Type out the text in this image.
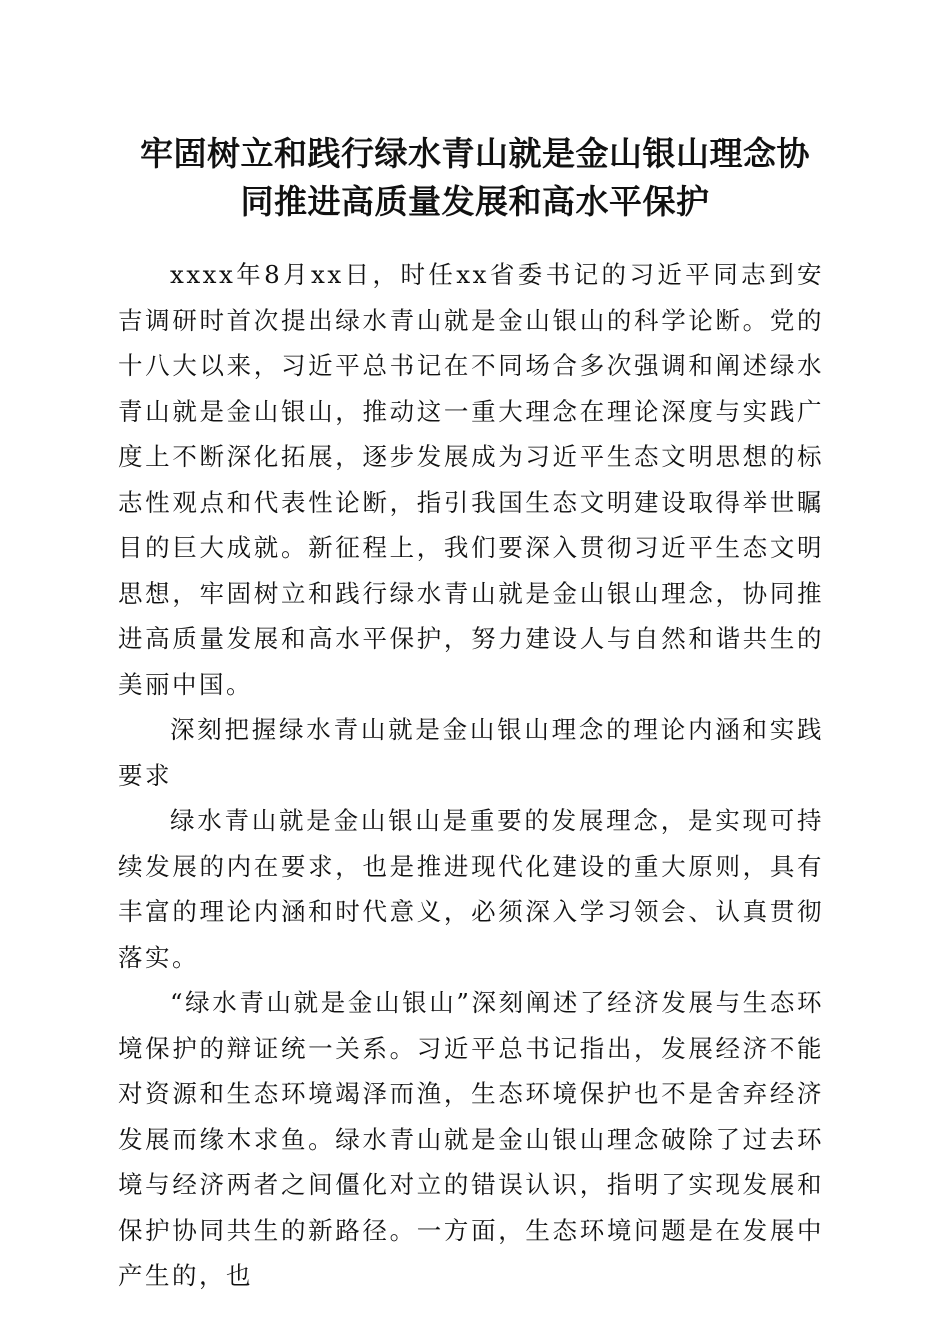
牢固树立和践行绿水青山就是金山银山理念协
同推进高质量发展和高水平保护

xxxx年8月xx日，时任xx省委书记的习近平同志到安吉调研时首次提出绿水青山就是金山银山的科学论断。党的十八大以来，习近平总书记在不同场合多次强调和阐述绿水青山就是金山银山，推动这一重大理念在理论深度与实践广度上不断深化拓展，逐步发展成为习近平生态文明思想的标志性观点和代表性论断，指引我国生态文明建设取得举世瞩目的巨大成就。新征程上，我们要深入贯彻习近平生态文明思想，牢固树立和践行绿水青山就是金山银山理念，协同推进高质量发展和高水平保护，努力建设人与自然和谐共生的美丽中国。

深刻把握绿水青山就是金山银山理念的理论内涵和实践要求

绿水青山就是金山银山是重要的发展理念，是实现可持续发展的内在要求，也是推进现代化建设的重大原则，具有丰富的理论内涵和时代意义，必须深入学习领会、认真贯彻落实。

“绿水青山就是金山银山”深刻阐述了经济发展与生态环境保护的辩证统一关系。习近平总书记指出，发展经济不能对资源和生态环境竭泽而渔，生态环境保护也不是舍弃经济发展而缘木求鱼。绿水青山就是金山银山理念破除了过去环境与经济两者之间僵化对立的错误认识，指明了实现发展和保护协同共生的新路径。一方面，生态环境问题是在发展中产生的，也
